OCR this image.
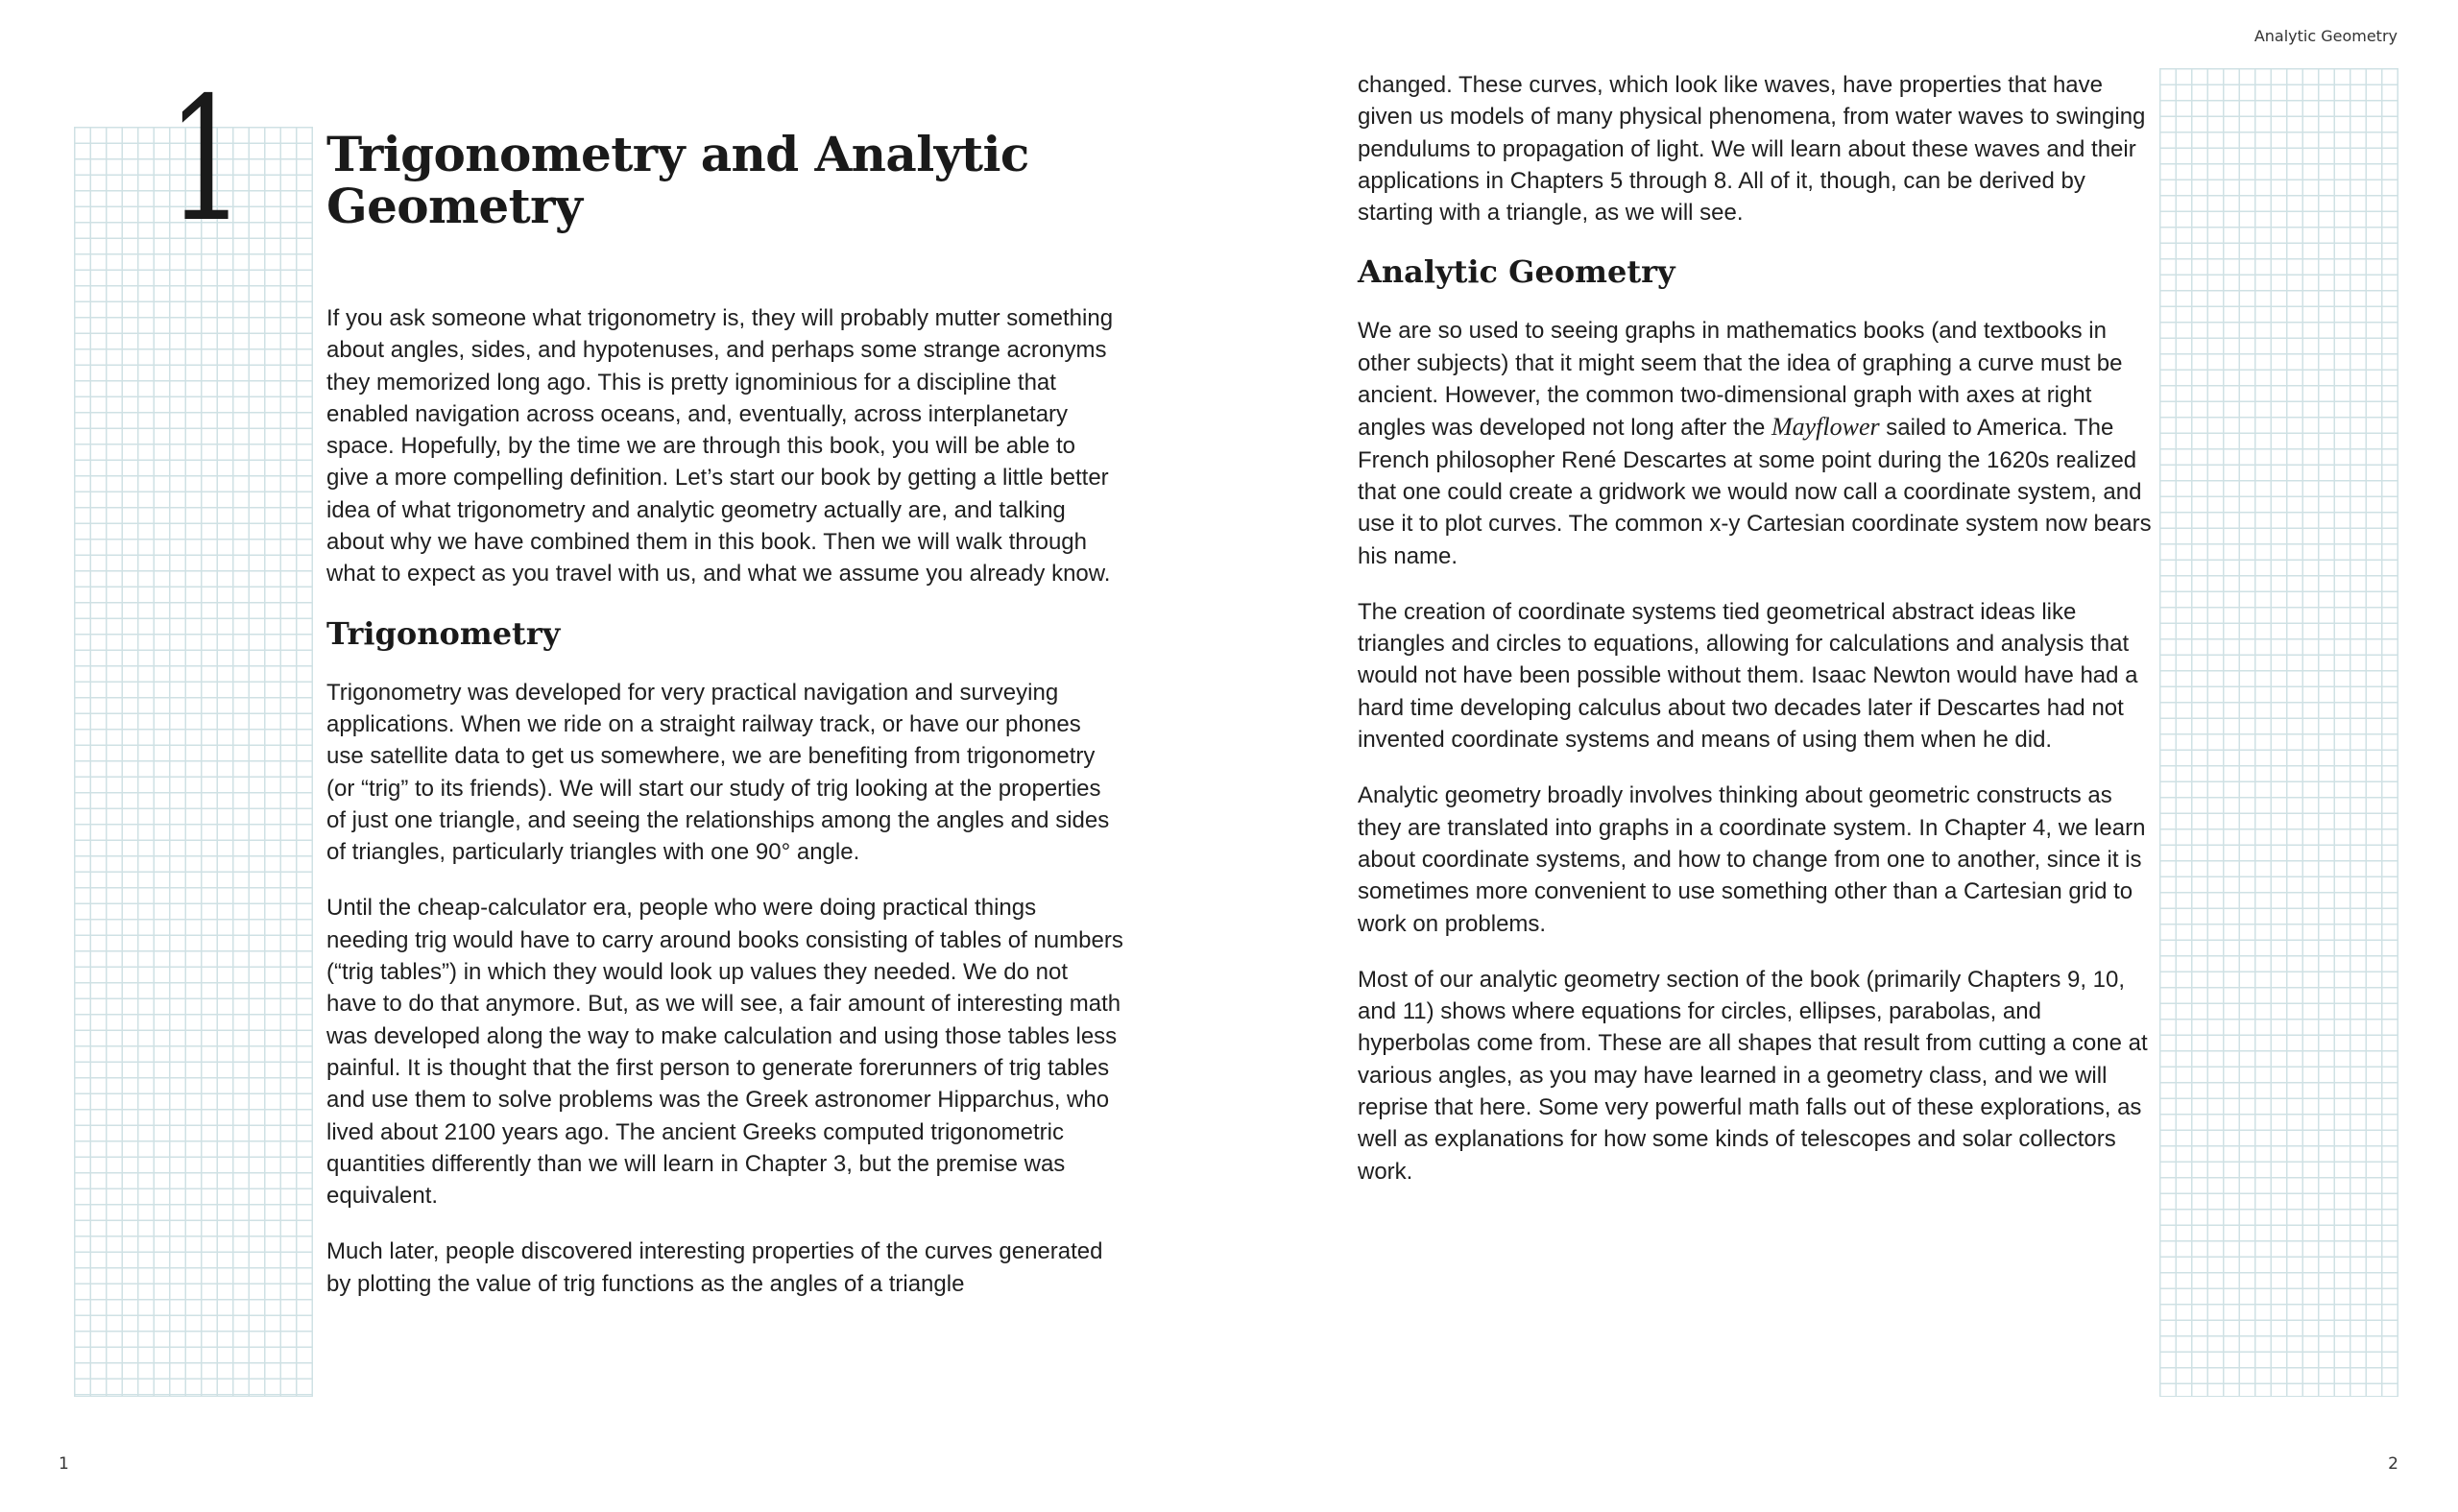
Analytic Geometry
1 Trigonometry and Analytic Geometry

If you ask someone what trigonometry is, they will probably mutter something about angles, sides, and hypotenuses, and perhaps some strange acronyms they memorized long ago. This is pretty ignominious for a discipline that enabled navigation across oceans, and, eventually, across interplanetary space. Hopefully, by the time we are through this book, you will be able to give a more compelling definition. Let’s start our book by getting a little better idea of what trigonometry and analytic geometry actually are, and talking about why we have combined them in this book. Then we will walk through what to expect as you travel with us, and what we assume you already know.

Trigonometry

Trigonometry was developed for very practical navigation and surveying applications. When we ride on a straight railway track, or have our phones use satellite data to get us somewhere, we are benefiting from trigonometry (or “trig” to its friends). We will start our study of trig looking at the properties of just one triangle, and seeing the relationships among the angles and sides of triangles, particularly triangles with one 90° angle.

Until the cheap-calculator era, people who were doing practical things needing trig would have to carry around books consisting of tables of numbers (“trig tables”) in which they would look up values they needed. We do not have to do that anymore. But, as we will see, a fair amount of interesting math was developed along the way to make calculation and using those tables less painful. It is thought that the first person to generate forerunners of trig tables and use them to solve problems was the Greek astronomer Hipparchus, who lived about 2100 years ago. The ancient Greeks computed trigonometric quantities differently than we will learn in Chapter 3, but the premise was equivalent.

Much later, people discovered interesting properties of the curves generated by plotting the value of trig functions as the angles of a triangle

changed. These curves, which look like waves, have properties that have given us models of many physical phenomena, from water waves to swinging pendulums to propagation of light. We will learn about these waves and their applications in Chapters 5 through 8. All of it, though, can be derived by starting with a triangle, as we will see.

Analytic Geometry

We are so used to seeing graphs in mathematics books (and textbooks in other subjects) that it might seem that the idea of graphing a curve must be ancient. However, the common two-dimensional graph with axes at right angles was developed not long after the Mayflower sailed to America. The French philosopher René Descartes at some point during the 1620s realized that one could create a gridwork we would now call a coordinate system, and use it to plot curves. The common x-y Cartesian coordinate system now bears his name.

The creation of coordinate systems tied geometrical abstract ideas like triangles and circles to equations, allowing for calculations and analysis that would not have been possible without them. Isaac Newton would have had a hard time developing calculus about two decades later if Descartes had not invented coordinate systems and means of using them when he did.

Analytic geometry broadly involves thinking about geometric constructs as they are translated into graphs in a coordinate system. In Chapter 4, we learn about coordinate systems, and how to change from one to another, since it is sometimes more convenient to use something other than a Cartesian grid to work on problems.

Most of our analytic geometry section of the book (primarily Chapters 9, 10, and 11) shows where equations for circles, ellipses, parabolas, and hyperbolas come from. These are all shapes that result from cutting a cone at various angles, as you may have learned in a geometry class, and we will reprise that here. Some very powerful math falls out of these explorations, as well as explanations for how some kinds of telescopes and solar collectors work.

1	2
